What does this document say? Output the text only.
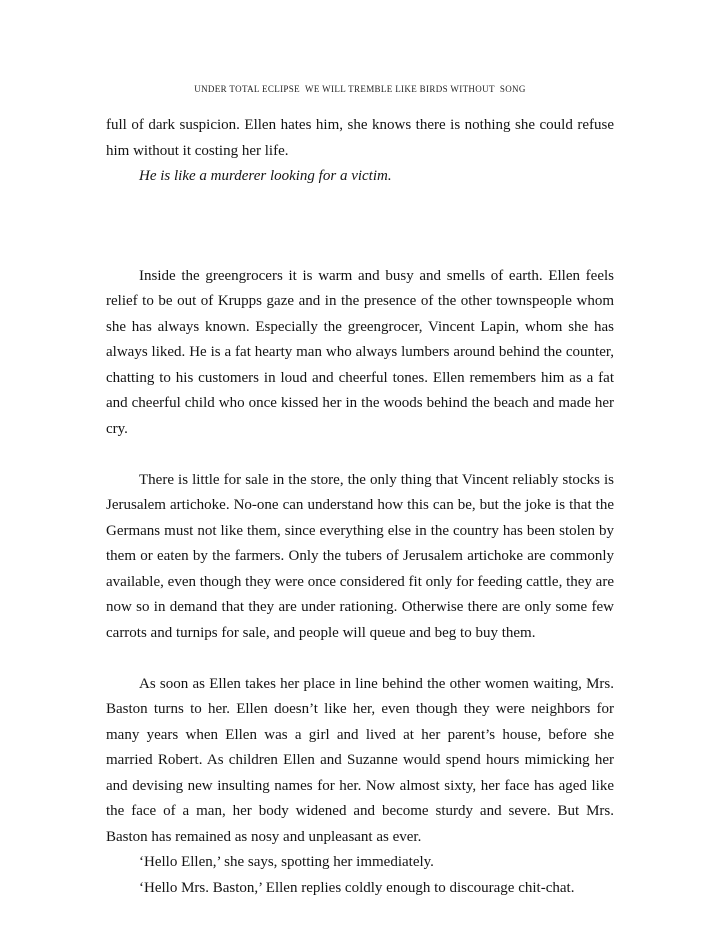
UNDER TOTAL ECLIPSE  WE WILL TREMBLE LIKE BIRDS WITHOUT  SONG

full of dark suspicion. Ellen hates him, she knows there is nothing she could refuse him without it costing her life.

He is like a murderer looking for a victim.

Inside the greengrocers it is warm and busy and smells of earth. Ellen feels relief to be out of Krupps gaze and in the presence of the other townspeople whom she has always known. Especially the greengrocer, Vincent Lapin, whom she has always liked. He is a fat hearty man who always lumbers around behind the counter, chatting to his customers in loud and cheerful tones. Ellen remembers him as a fat and cheerful child who once kissed her in the woods behind the beach and made her cry.

There is little for sale in the store, the only thing that Vincent reliably stocks is Jerusalem artichoke. No-one can understand how this can be, but the joke is that the Germans must not like them, since everything else in the country has been stolen by them or eaten by the farmers. Only the tubers of Jerusalem artichoke are commonly available, even though they were once considered fit only for feeding cattle, they are now so in demand that they are under rationing. Otherwise there are only some few carrots and turnips for sale, and people will queue and beg to buy them.

As soon as Ellen takes her place in line behind the other women waiting, Mrs. Baston turns to her. Ellen doesn’t like her, even though they were neighbors for many years when Ellen was a girl and lived at her parent’s house, before she married Robert. As children Ellen and Suzanne would spend hours mimicking her and devising new insulting names for her. Now almost sixty, her face has aged like the face of a man, her body widened and become sturdy and severe. But Mrs. Baston has remained as nosy and unpleasant as ever.

‘Hello Ellen,’ she says, spotting her immediately.

‘Hello Mrs. Baston,’ Ellen replies coldly enough to discourage chit-chat.
